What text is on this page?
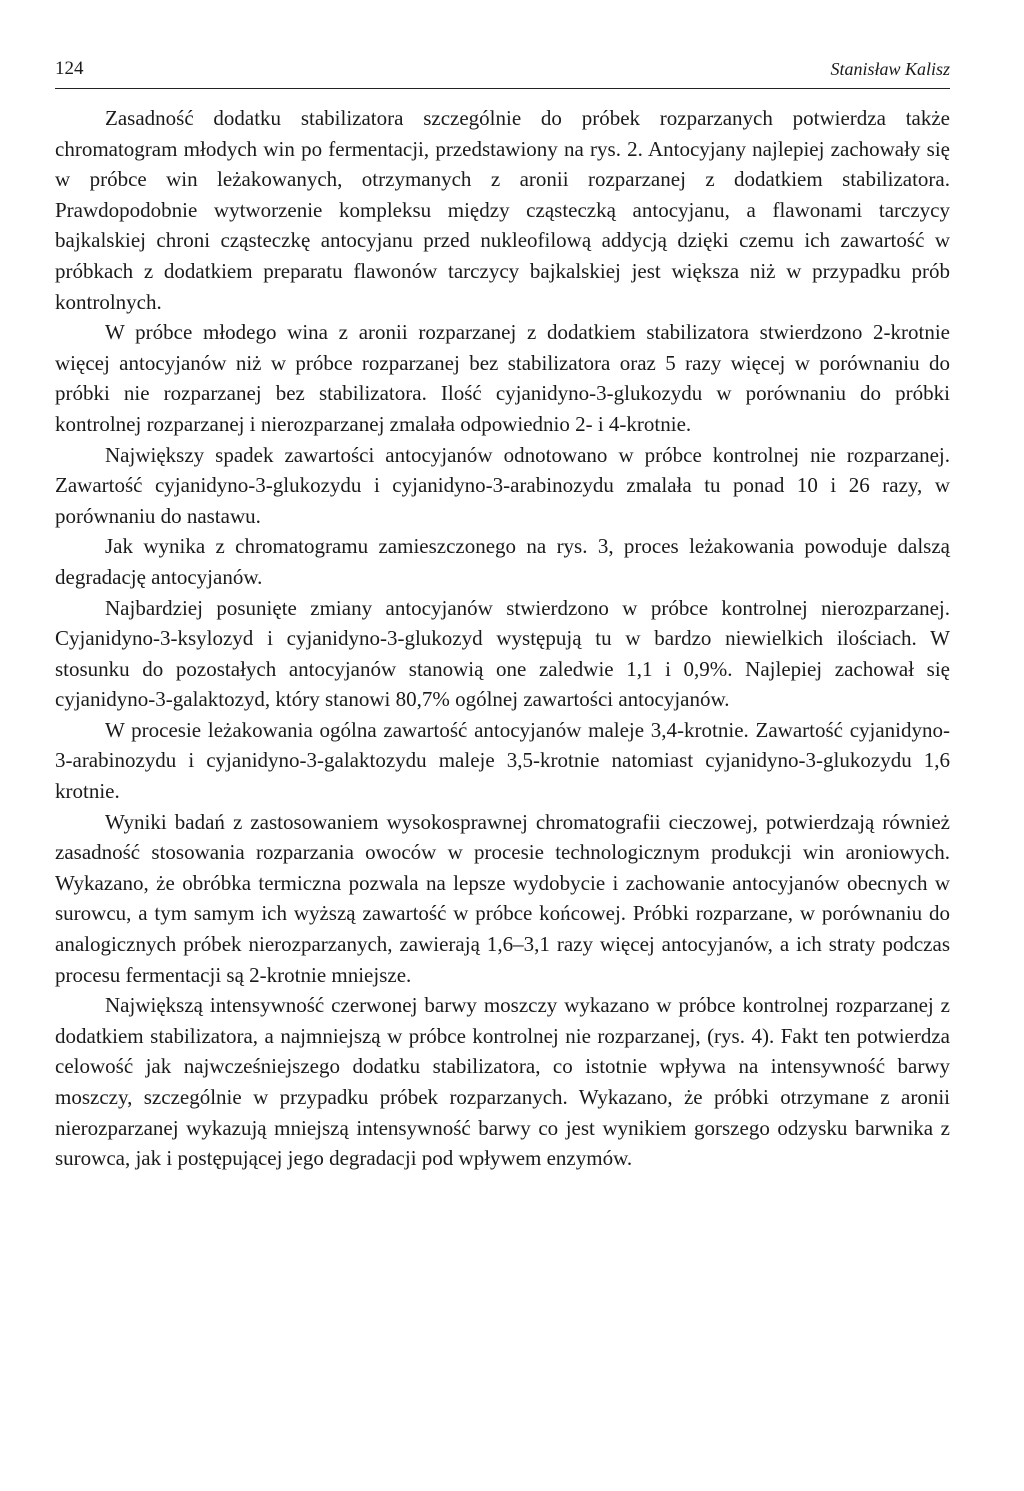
124	Stanisław Kalisz

Zasadność dodatku stabilizatora szczególnie do próbek rozparzanych potwierdza także chromatogram młodych win po fermentacji, przedstawiony na rys. 2. Antocyjany najlepiej zachowały się w próbce win leżakowanych, otrzymanych z aronii rozparzanej z dodatkiem stabilizatora. Prawdopodobnie wytworzenie kompleksu między cząsteczką antocyjanu, a flawonami tarczycy bajkalskiej chroni cząsteczkę antocyjanu przed nukleofilową addycją dzięki czemu ich zawartość w próbkach z dodatkiem preparatu flawonów tarczycy bajkalskiej jest większa niż w przypadku prób kontrolnych.

W próbce młodego wina z aronii rozparzanej z dodatkiem stabilizatora stwierdzono 2-krotnie więcej antocyjanów niż w próbce rozparzanej bez stabilizatora oraz 5 razy więcej w porównaniu do próbki nie rozparzanej bez stabilizatora. Ilość cyjanidyno-3-glukozydu w porównaniu do próbki kontrolnej rozparzanej i nierozparzanej zmalała odpowiednio 2- i 4-krotnie.

Największy spadek zawartości antocyjanów odnotowano w próbce kontrolnej nie rozparzanej. Zawartość cyjanidyno-3-glukozydu i cyjanidyno-3-arabinozydu zmalała tu ponad 10 i 26 razy, w porównaniu do nastawu.

Jak wynika z chromatogramu zamieszczonego na rys. 3, proces leżakowania powoduje dalszą degradację antocyjanów.

Najbardziej posunięte zmiany antocyjanów stwierdzono w próbce kontrolnej nierozparzanej. Cyjanidyno-3-ksylozyd i cyjanidyno-3-glukozyd występują tu w bardzo niewielkich ilościach. W stosunku do pozostałych antocyjanów stanowią one zaledwie 1,1 i 0,9%. Najlepiej zachował się cyjanidyno-3-galaktozyd, który stanowi 80,7% ogólnej zawartości antocyjanów.

W procesie leżakowania ogólna zawartość antocyjanów maleje 3,4-krotnie. Zawartość cyjanidyno-3-arabinozydu i cyjanidyno-3-galaktozydu maleje 3,5-krotnie natomiast cyjanidyno-3-glukozydu 1,6 krotnie.

Wyniki badań z zastosowaniem wysokosprawnej chromatografii cieczowej, potwierdzają również zasadność stosowania rozparzania owoców w procesie technologicznym produkcji win aroniowych. Wykazano, że obróbka termiczna pozwala na lepsze wydobycie i zachowanie antocyjanów obecnych w surowcu, a tym samym ich wyższą zawartość w próbce końcowej. Próbki rozparzane, w porównaniu do analogicznych próbek nierozparzanych, zawierają 1,6–3,1 razy więcej antocyjanów, a ich straty podczas procesu fermentacji są 2-krotnie mniejsze.

Największą intensywność czerwonej barwy moszczy wykazano w próbce kontrolnej rozparzanej z dodatkiem stabilizatora, a najmniejszą w próbce kontrolnej nie rozparzanej, (rys. 4). Fakt ten potwierdza celowość jak najwcześniejszego dodatku stabilizatora, co istotnie wpływa na intensywność barwy moszczy, szczególnie w przypadku próbek rozparzanych. Wykazano, że próbki otrzymane z aronii nierozparzanej wykazują mniejszą intensywność barwy co jest wynikiem gorszego odzysku barwnika z surowca, jak i postępującej jego degradacji pod wpływem enzymów.
